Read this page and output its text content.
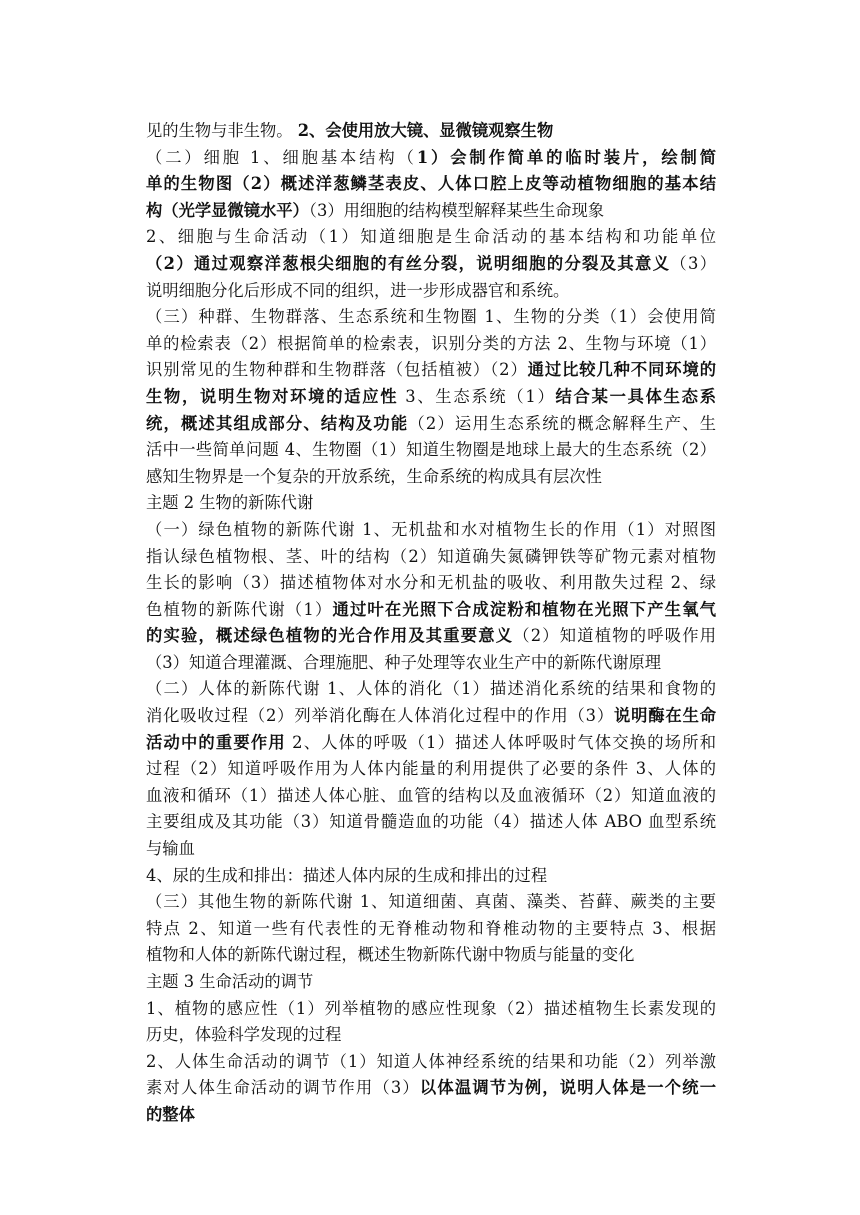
见的生物与非生物。 2、会使用放大镜、显微镜观察生物
（二）细胞 1、细胞基本结构（1）会制作简单的临时装片，绘制简
单的生物图（2）概述洋葱鳞茎表皮、人体口腔上皮等动植物细胞的基本结
构（光学显微镜水平）（3）用细胞的结构模型解释某些生命现象
2、细胞与生命活动（1）知道细胞是生命活动的基本结构和功能单位
（2）通过观察洋葱根尖细胞的有丝分裂，说明细胞的分裂及其意义（3）
说明细胞分化后形成不同的组织，进一步形成器官和系统。
（三）种群、生物群落、生态系统和生物圈 1、生物的分类（1）会使用简
单的检索表（2）根据简单的检索表，识别分类的方法 2、生物与环境（1）
识别常见的生物种群和生物群落（包括植被）（2）通过比较几种不同环境的
生物，说明生物对环境的适应性 3、生态系统（1）结合某一具体生态系
统，概述其组成部分、结构及功能（2）运用生态系统的概念解释生产、生
活中一些简单问题 4、生物圈（1）知道生物圈是地球上最大的生态系统（2）
感知生物界是一个复杂的开放系统，生命系统的构成具有层次性
主题 2 生物的新陈代谢
（一）绿色植物的新陈代谢 1、无机盐和水对植物生长的作用（1）对照图
指认绿色植物根、茎、叶的结构（2）知道确失氮磷钾铁等矿物元素对植物
生长的影响（3）描述植物体对水分和无机盐的吸收、利用散失过程 2、绿
色植物的新陈代谢（1）通过叶在光照下合成淀粉和植物在光照下产生氧气
的实验，概述绿色植物的光合作用及其重要意义（2）知道植物的呼吸作用
（3）知道合理灌溉、合理施肥、种子处理等农业生产中的新陈代谢原理
（二）人体的新陈代谢 1、人体的消化（1）描述消化系统的结果和食物的
消化吸收过程（2）列举消化酶在人体消化过程中的作用（3）说明酶在生命
活动中的重要作用 2、人体的呼吸（1）描述人体呼吸时气体交换的场所和
过程（2）知道呼吸作用为人体内能量的利用提供了必要的条件 3、人体的
血液和循环（1）描述人体心脏、血管的结构以及血液循环（2）知道血液的
主要组成及其功能（3）知道骨髓造血的功能（4）描述人体 ABO 血型系统
与输血
4、尿的生成和排出：描述人体内尿的生成和排出的过程
（三）其他生物的新陈代谢 1、知道细菌、真菌、藻类、苔藓、蕨类的主要
特点 2、知道一些有代表性的无脊椎动物和脊椎动物的主要特点 3、根据
植物和人体的新陈代谢过程，概述生物新陈代谢中物质与能量的变化
主题 3 生命活动的调节
1、植物的感应性（1）列举植物的感应性现象（2）描述植物生长素发现的
历史，体验科学发现的过程
2、人体生命活动的调节（1）知道人体神经系统的结果和功能（2）列举激
素对人体生命活动的调节作用（3）以体温调节为例，说明人体是一个统一
的整体
